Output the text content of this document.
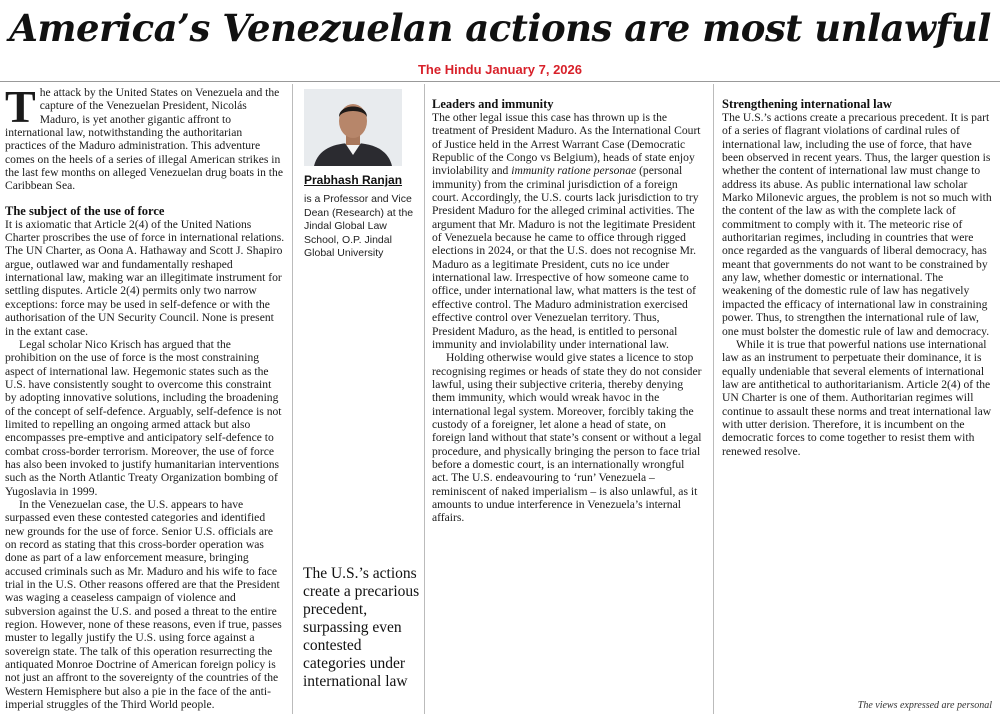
America’s Venezuelan actions are most unlawful
The Hindu January 7, 2026
T he attack by the United States on Venezuela and the capture of the Venezuelan President, Nicolás Maduro, is yet another gigantic affront to international law, notwithstanding the authoritarian practices of the Maduro administration. This adventure comes on the heels of a series of illegal American strikes in the last few months on alleged Venezuelan drug boats in the Caribbean Sea.

The subject of the use of force

It is axiomatic that Article 2(4) of the United Nations Charter proscribes the use of force in international relations. The UN Charter, as Oona A. Hathaway and Scott J. Shapiro argue, outlawed war and fundamentally reshaped international law, making war an illegitimate instrument for settling disputes. Article 2(4) permits only two narrow exceptions: force may be used in self-defence or with the authorisation of the UN Security Council. None is present in the extant case.

Legal scholar Nico Krisch has argued that the prohibition on the use of force is the most constraining aspect of international law. Hegemonic states such as the U.S. have consistently sought to overcome this constraint by adopting innovative solutions, including the broadening of the concept of self-defence. Arguably, self-defence is not limited to repelling an ongoing armed attack but also encompasses pre-emptive and anticipatory self-defence to combat cross-border terrorism. Moreover, the use of force has also been invoked to justify humanitarian interventions such as the North Atlantic Treaty Organization bombing of Yugoslavia in 1999.

In the Venezuelan case, the U.S. appears to have surpassed even these contested categories and identified new grounds for the use of force. Senior U.S. officials are on record as stating that this cross-border operation was done as part of a law enforcement measure, bringing accused criminals such as Mr. Maduro and his wife to face trial in the U.S. Other reasons offered are that the President was waging a ceaseless campaign of violence and subversion against the U.S. and posed a threat to the entire region. However, none of these reasons, even if true, passes muster to legally justify the U.S. using force against a sovereign state. The talk of this operation resurrecting the antiquated Monroe Doctrine of American foreign policy is not just an affront to the sovereignty of the countries of the Western Hemisphere but also a pie in the face of the anti-imperial struggles of the Third World people.

Prabhash Ranjan
is a Professor and Vice Dean (Research) at the Jindal Global Law School, O.P. Jindal Global University
The U.S.’s actions create a precarious precedent, surpassing even contested categories under international law

Leaders and immunity

The other legal issue this case has thrown up is the treatment of President Maduro. As the International Court of Justice held in the Arrest Warrant Case (Democratic Republic of the Congo vs Belgium), heads of state enjoy inviolability and immunity ratione personae (personal immunity) from the criminal jurisdiction of a foreign court. Accordingly, the U.S. courts lack jurisdiction to try President Maduro for the alleged criminal activities. The argument that Mr. Maduro is not the legitimate President of Venezuela because he came to office through rigged elections in 2024, or that the U.S. does not recognise Mr. Maduro as a legitimate President, cuts no ice under international law. Irrespective of how someone came to office, under international law, what matters is the test of effective control. The Maduro administration exercised effective control over Venezuelan territory. Thus, President Maduro, as the head, is entitled to personal immunity and inviolability under international law.

Holding otherwise would give states a licence to stop recognising regimes or heads of state they do not consider lawful, using their subjective criteria, thereby denying them immunity, which would wreak havoc in the international legal system. Moreover, forcibly taking the custody of a foreigner, let alone a head of state, on foreign land without that state’s consent or without a legal procedure, and physically bringing the person to face trial before a domestic court, is an internationally wrongful act. The U.S. endeavouring to ‘run’ Venezuela – reminiscent of naked imperialism – is also unlawful, as it amounts to undue interference in Venezuela’s internal affairs.

Strengthening international law

The U.S.’s actions create a precarious precedent. It is part of a series of flagrant violations of cardinal rules of international law, including the use of force, that have been observed in recent years. Thus, the larger question is whether the content of international law must change to address its abuse. As public international law scholar Marko Milonevic argues, the problem is not so much with the content of the law as with the complete lack of commitment to comply with it. The meteoric rise of authoritarian regimes, including in countries that were once regarded as the vanguards of liberal democracy, has meant that governments do not want to be constrained by any law, whether domestic or international. The weakening of the domestic rule of law has negatively impacted the efficacy of international law in constraining power. Thus, to strengthen the international rule of law, one must bolster the domestic rule of law and democracy.

While it is true that powerful nations use international law as an instrument to perpetuate their dominance, it is equally undeniable that several elements of international law are antithetical to authoritarianism. Article 2(4) of the UN Charter is one of them. Authoritarian regimes will continue to assault these norms and treat international law with utter derision. Therefore, it is incumbent on the democratic forces to come together to resist them with renewed resolve.

The views expressed are personal
